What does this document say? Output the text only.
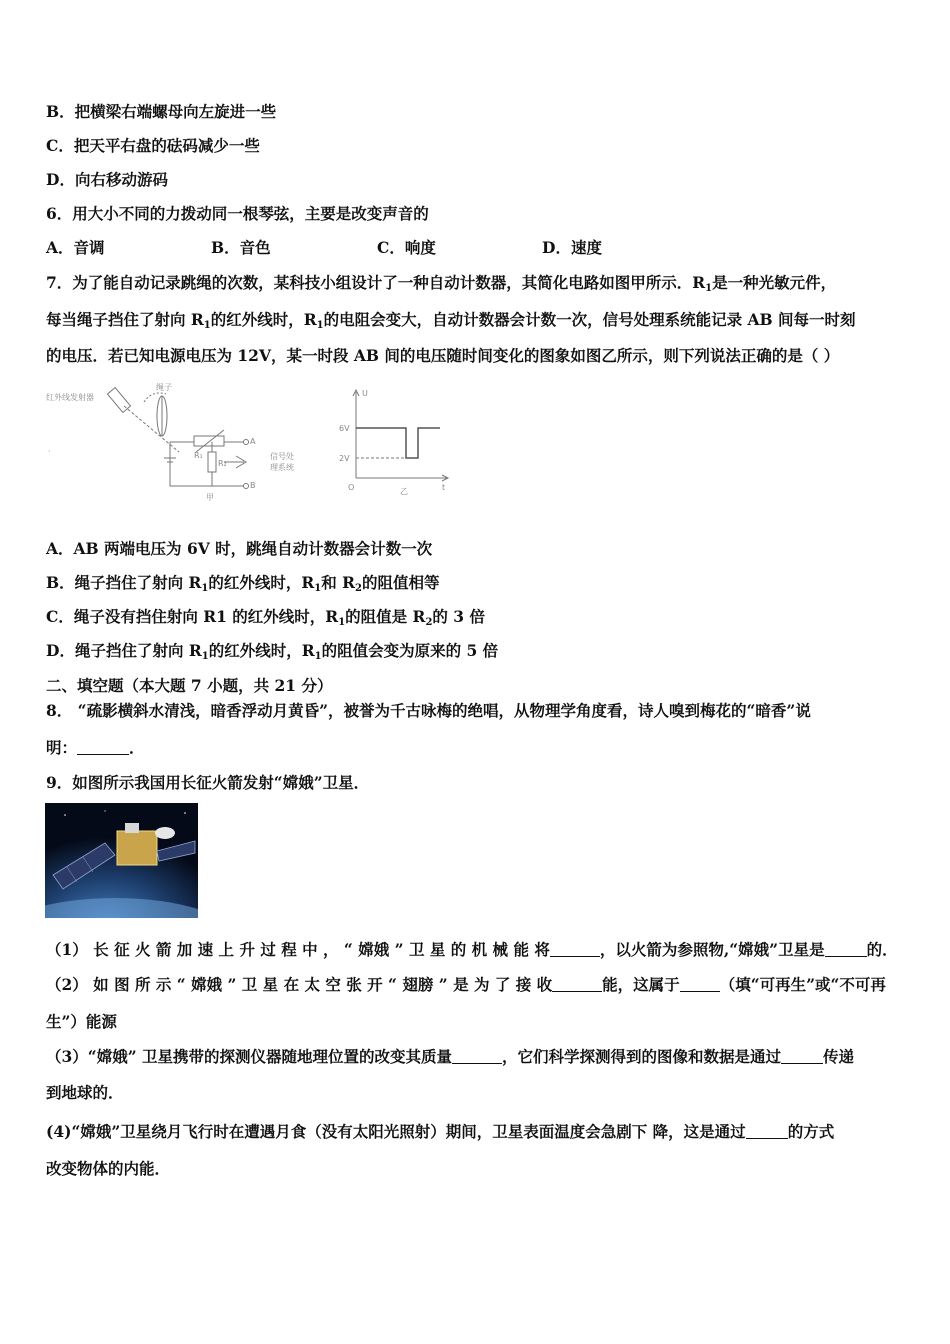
B．把横梁右端螺母向左旋进一些
C．把天平右盘的砝码减少一些
D．向右移动游码
6．用大小不同的力拨动同一根琴弦，主要是改变声音的
A．音调	B．音色	C．响度	D．速度
7．为了能自动记录跳绳的次数，某科技小组设计了一种自动计数器，其简化电路如图甲所示．$R_1$是一种光敏元件，
每当绳子挡住了射向 $R_1$的红外线时，$R_1$的电阻会变大，自动计数器会计数一次，信号处理系统能记录 AB 间每一时刻
的电压．若已知电源电压为 12V，某一时段 AB 间的电压随时间变化的图象如图乙所示，则下列说法正确的是（ ）
红外线发射器
·
绳子
R₁
R₂
A
B
信号处
理系统
甲
U
6V
2V
O	t
乙
A．AB 两端电压为 6V 时，跳绳自动计数器会计数一次
B．绳子挡住了射向 $R_1$的红外线时，$R_1$和 $R_2$的阻值相等
C．绳子没有挡住射向 R1 的红外线时，$R_1$的阻值是 $R_2$的 3 倍
D．绳子挡住了射向 $R_1$的红外线时，$R_1$的阻值会变为原来的 5 倍
二、填空题（本大题 7 小题，共 21 分）
8． “疏影横斜水清浅，暗香浮动月黄昏”，被誉为千古咏梅的绝唱，从物理学角度看，诗人嗅到梅花的“暗香”说
明：	．
9．如图所示我国用长征火箭发射“嫦娥”卫星．
（1） 长 征 火 箭 加 速 上 升 过 程 中 ， “ 嫦娥 ” 卫 星 的 机 械 能 将	，以火箭为参照物,“嫦娥”卫星是	的．
（2） 如 图 所 示 “ 嫦娥 ” 卫 星 在 太 空 张 开 “ 翅膀 ” 是 为 了 接 收	能，这属于	（填“可再生”或“不可再
生”）能源
（3）“嫦娥” 卫星携带的探测仪器随地理位置的改变其质量	，它们科学探测得到的图像和数据是通过	传递
到地球的．
(4)“嫦娥”卫星绕月飞行时在遭遇月食（没有太阳光照射）期间，卫星表面温度会急剧下 降，这是通过	的方式
改变物体的内能．
